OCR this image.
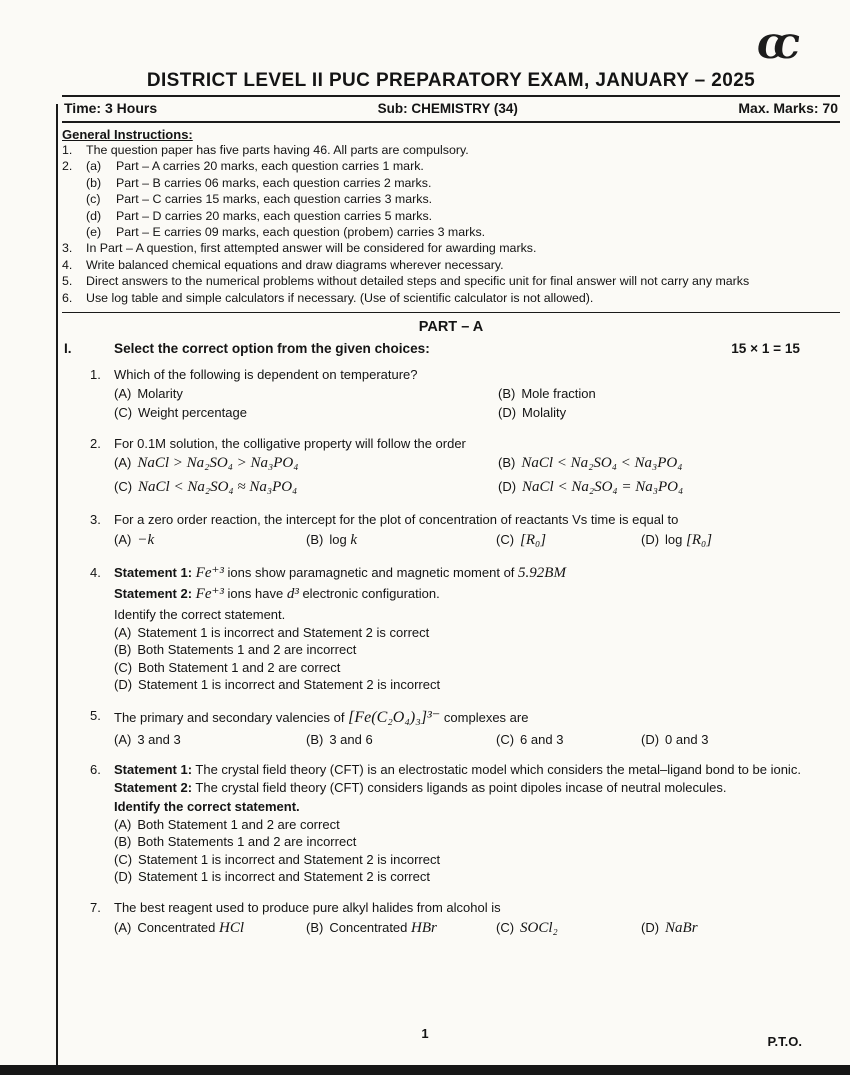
CC
DISTRICT LEVEL II PUC PREPARATORY EXAM, JANUARY – 2025
Time: 3 Hours	Sub: CHEMISTRY (34)	Max. Marks: 70
General Instructions:
1.	The question paper has five parts having 46. All parts are compulsory.
2.	(a)	Part – A carries 20 marks, each question carries 1 mark.
(b)	Part – B carries 06 marks, each question carries 2 marks.
(c)	Part – C carries 15 marks, each question carries 3 marks.
(d)	Part – D carries 20 marks, each question carries 5 marks.
(e)	Part – E carries 09 marks, each question (probem) carries 3 marks.
3.	In Part – A question, first attempted answer will be considered for awarding marks.
4.	Write balanced chemical equations and draw diagrams wherever necessary.
5.	Direct answers to the numerical problems without detailed steps and specific unit for final answer will not carry any marks
6.	Use log table and simple calculators if necessary. (Use of scientific calculator is not allowed).
PART – A
I.	Select the correct option from the given choices:	15 × 1 = 15
1.	Which of the following is dependent on temperature?
(A) Molarity	(B) Mole fraction
(C) Weight percentage	(D) Molality
2.	For 0.1M solution, the colligative property will follow the order
(A) NaCl > Na₂SO₄ > Na₃PO₄	(B) NaCl < Na₂SO₄ < Na₃PO₄
(C) NaCl < Na₂SO₄ ≈ Na₃PO₄	(D) NaCl < Na₂SO₄ = Na₃PO₄
3.	For a zero order reaction, the intercept for the plot of concentration of reactants Vs time is equal to
(A) −k	(B) log k	(C) [R₀]	(D) log [R₀]
4.	Statement 1: Fe⁺³ ions show paramagnetic and magnetic moment of 5.92BM
Statement 2: Fe⁺³ ions have d³ electronic configuration.
Identify the correct statement.
(A) Statement 1 is incorrect and Statement 2 is correct
(B) Both Statements 1 and 2 are incorrect
(C) Both Statement 1 and 2 are correct
(D) Statement 1 is incorrect and Statement 2 is incorrect
5.	The primary and secondary valencies of [Fe(C₂O₄)₃]³⁻ complexes are
(A) 3 and 3	(B) 3 and 6	(C) 6 and 3	(D) 0 and 3
6.	Statement 1: The crystal field theory (CFT) is an electrostatic model which considers the metal–ligand bond to be ionic.
Statement 2: The crystal field theory (CFT) considers ligands as point dipoles incase of neutral molecules.
Identify the correct statement.
(A) Both Statement 1 and 2 are correct
(B) Both Statements 1 and 2 are incorrect
(C) Statement 1 is incorrect and Statement 2 is incorrect
(D) Statement 1 is incorrect and Statement 2 is correct
7.	The best reagent used to produce pure alkyl halides from alcohol is
(A) Concentrated HCl	(B) Concentrated HBr	(C) SOCl₂	(D) NaBr
1
P.T.O.
